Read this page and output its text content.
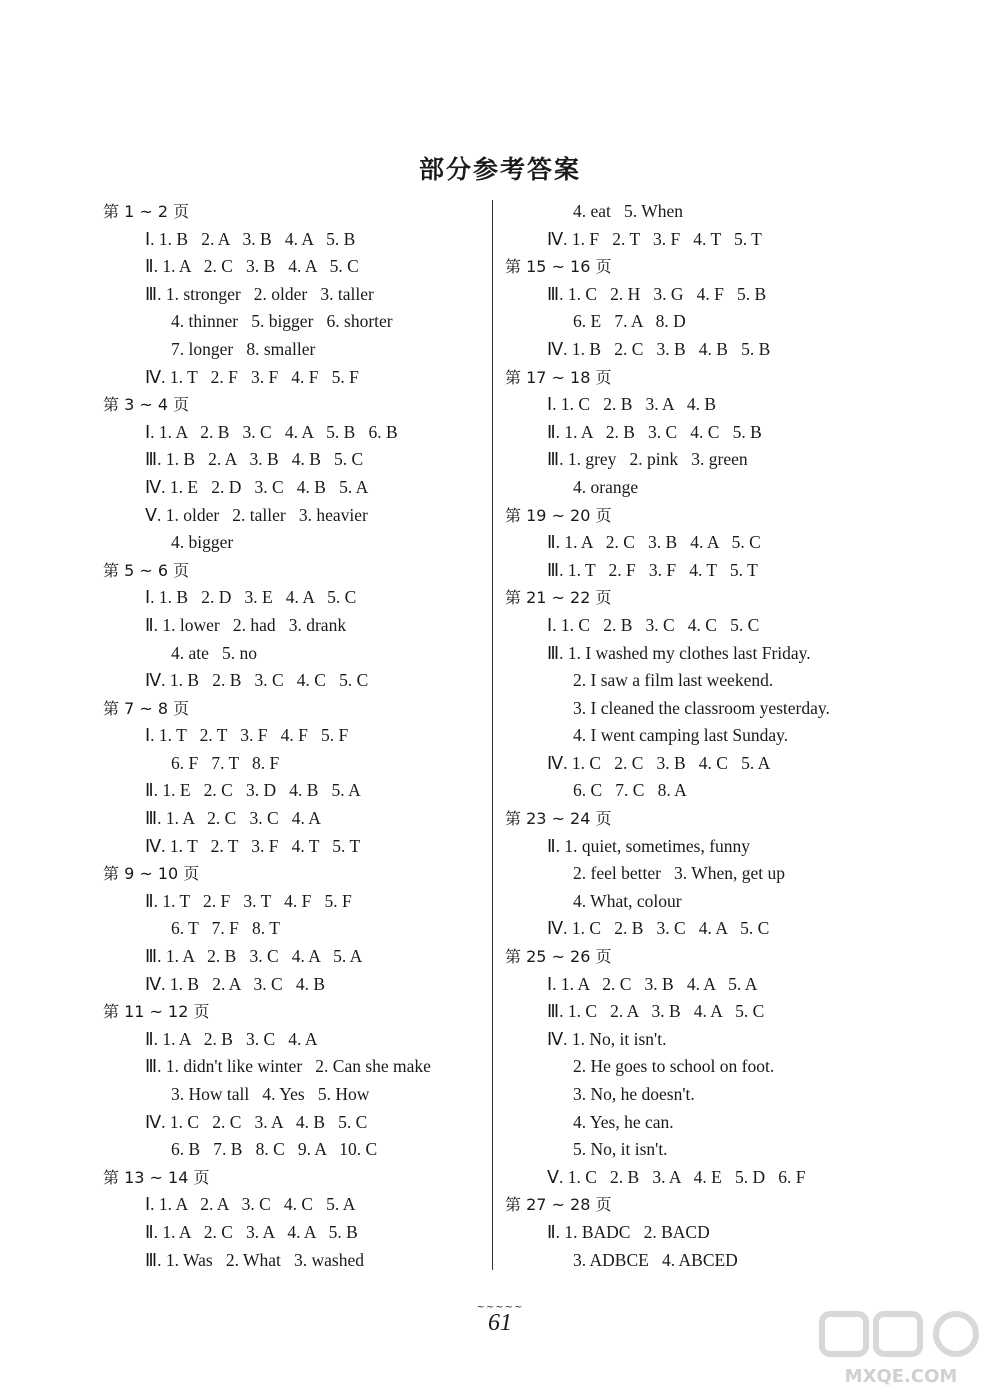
部分参考答案
第 1 ~ 2 页
Ⅰ. 1. B   2. A   3. B   4. A   5. B
Ⅱ. 1. A   2. C   3. B   4. A   5. C
Ⅲ. 1. stronger   2. older   3. taller
4. thinner   5. bigger   6. shorter
7. longer   8. smaller
Ⅳ. 1. T   2. F   3. F   4. F   5. F
第 3 ~ 4 页
Ⅰ. 1. A   2. B   3. C   4. A   5. B   6. B
Ⅲ. 1. B   2. A   3. B   4. B   5. C
Ⅳ. 1. E   2. D   3. C   4. B   5. A
Ⅴ. 1. older   2. taller   3. heavier
4. bigger
第 5 ~ 6 页
Ⅰ. 1. B   2. D   3. E   4. A   5. C
Ⅱ. 1. lower   2. had   3. drank
4. ate   5. no
Ⅳ. 1. B   2. B   3. C   4. C   5. C
第 7 ~ 8 页
Ⅰ. 1. T   2. T   3. F   4. F   5. F
6. F   7. T   8. F
Ⅱ. 1. E   2. C   3. D   4. B   5. A
Ⅲ. 1. A   2. C   3. C   4. A
Ⅳ. 1. T   2. T   3. F   4. T   5. T
第 9 ~ 10 页
Ⅱ. 1. T   2. F   3. T   4. F   5. F
6. T   7. F   8. T
Ⅲ. 1. A   2. B   3. C   4. A   5. A
Ⅳ. 1. B   2. A   3. C   4. B
第 11 ~ 12 页
Ⅱ. 1. A   2. B   3. C   4. A
Ⅲ. 1. didn't like winter   2. Can she make
3. How tall   4. Yes   5. How
Ⅳ. 1. C   2. C   3. A   4. B   5. C
6. B   7. B   8. C   9. A   10. C
第 13 ~ 14 页
Ⅰ. 1. A   2. A   3. C   4. C   5. A
Ⅱ. 1. A   2. C   3. A   4. A   5. B
Ⅲ. 1. Was   2. What   3. washed
4. eat   5. When
Ⅳ. 1. F   2. T   3. F   4. T   5. T
第 15 ~ 16 页
Ⅲ. 1. C   2. H   3. G   4. F   5. B
6. E   7. A   8. D
Ⅳ. 1. B   2. C   3. B   4. B   5. B
第 17 ~ 18 页
Ⅰ. 1. C   2. B   3. A   4. B
Ⅱ. 1. A   2. B   3. C   4. C   5. B
Ⅲ. 1. grey   2. pink   3. green
4. orange
第 19 ~ 20 页
Ⅱ. 1. A   2. C   3. B   4. A   5. C
Ⅲ. 1. T   2. F   3. F   4. T   5. T
第 21 ~ 22 页
Ⅰ. 1. C   2. B   3. C   4. C   5. C
Ⅲ. 1. I washed my clothes last Friday.
2. I saw a film last weekend.
3. I cleaned the classroom yesterday.
4. I went camping last Sunday.
Ⅳ. 1. C   2. C   3. B   4. C   5. A
6. C   7. C   8. A
第 23 ~ 24 页
Ⅱ. 1. quiet, sometimes, funny
2. feel better   3. When, get up
4. What, colour
Ⅳ. 1. C   2. B   3. C   4. A   5. C
第 25 ~ 26 页
Ⅰ. 1. A   2. C   3. B   4. A   5. A
Ⅲ. 1. C   2. A   3. B   4. A   5. C
Ⅳ. 1. No, it isn't.
2. He goes to school on foot.
3. No, he doesn't.
4. Yes, he can.
5. No, it isn't.
Ⅴ. 1. C   2. B   3. A   4. E   5. D   6. F
第 27 ~ 28 页
Ⅱ. 1. BADC   2. BACD
3. ADBCE   4. ABCED
~~~~~
61
MXQE.COM
